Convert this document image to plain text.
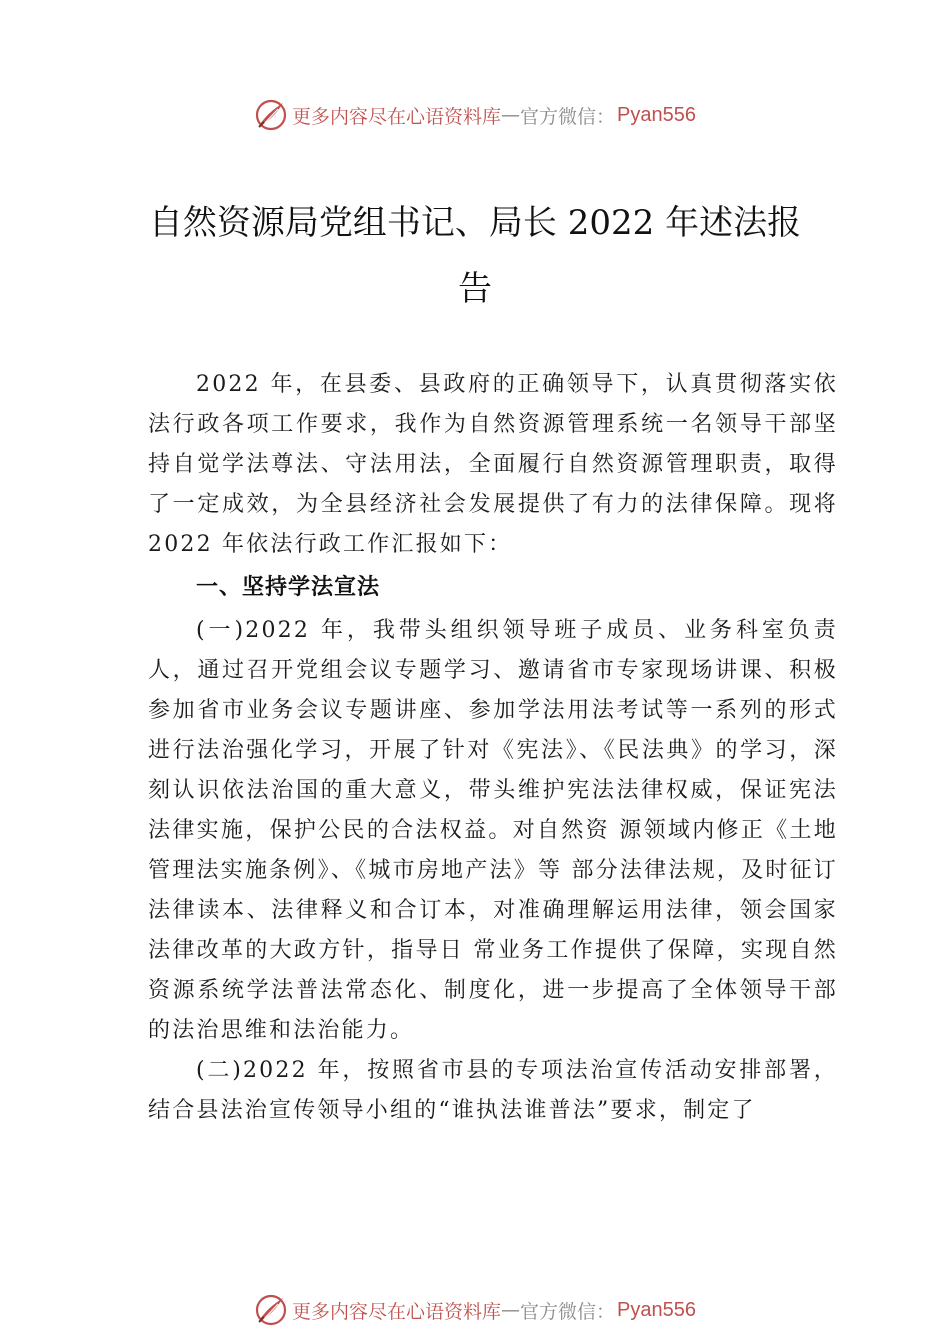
更多内容尽在心语资料库 — 官方微信： Pyan556
自然资源局党组书记、局长 2022 年述法报
告

2022 年，在县委、县政府的正确领导下，认真贯彻落实依法行政各项工作要求，我作为自然资源管理系统一名领导干部坚持自觉学法尊法、守法用法，全面履行自然资源管理职责，取得了一定成效，为全县经济社会发展提供了有力的法律保障。现将 2022 年依法行政工作汇报如下：

一、坚持学法宣法

(一)2022 年，我带头组织领导班子成员、业务科室负责人，通过召开党组会议专题学习、邀请省市专家现场讲课、积极参加省市业务会议专题讲座、参加学法用法考试等一系列的形式进行法治强化学习，开展了针对《宪法》、《民法典》的学习，深刻认识依法治国的重大意义，带头维护宪法法律权威，保证宪法法律实施，保护公民的合法权益。对自然资 源领域内修正《土地管理法实施条例》、《城市房地产法》等 部分法律法规，及时征订法律读本、法律释义和合订本，对准确理解运用法律，领会国家法律改革的大政方针，指导日 常业务工作提供了保障，实现自然资源系统学法普法常态化、制度化，进一步提高了全体领导干部的法治思维和法治能力。

(二)2022 年，按照省市县的专项法治宣传活动安排部署，结合县法治宣传领导小组的“谁执法谁普法”要求，制定了

更多内容尽在心语资料库 — 官方微信： Pyan556
